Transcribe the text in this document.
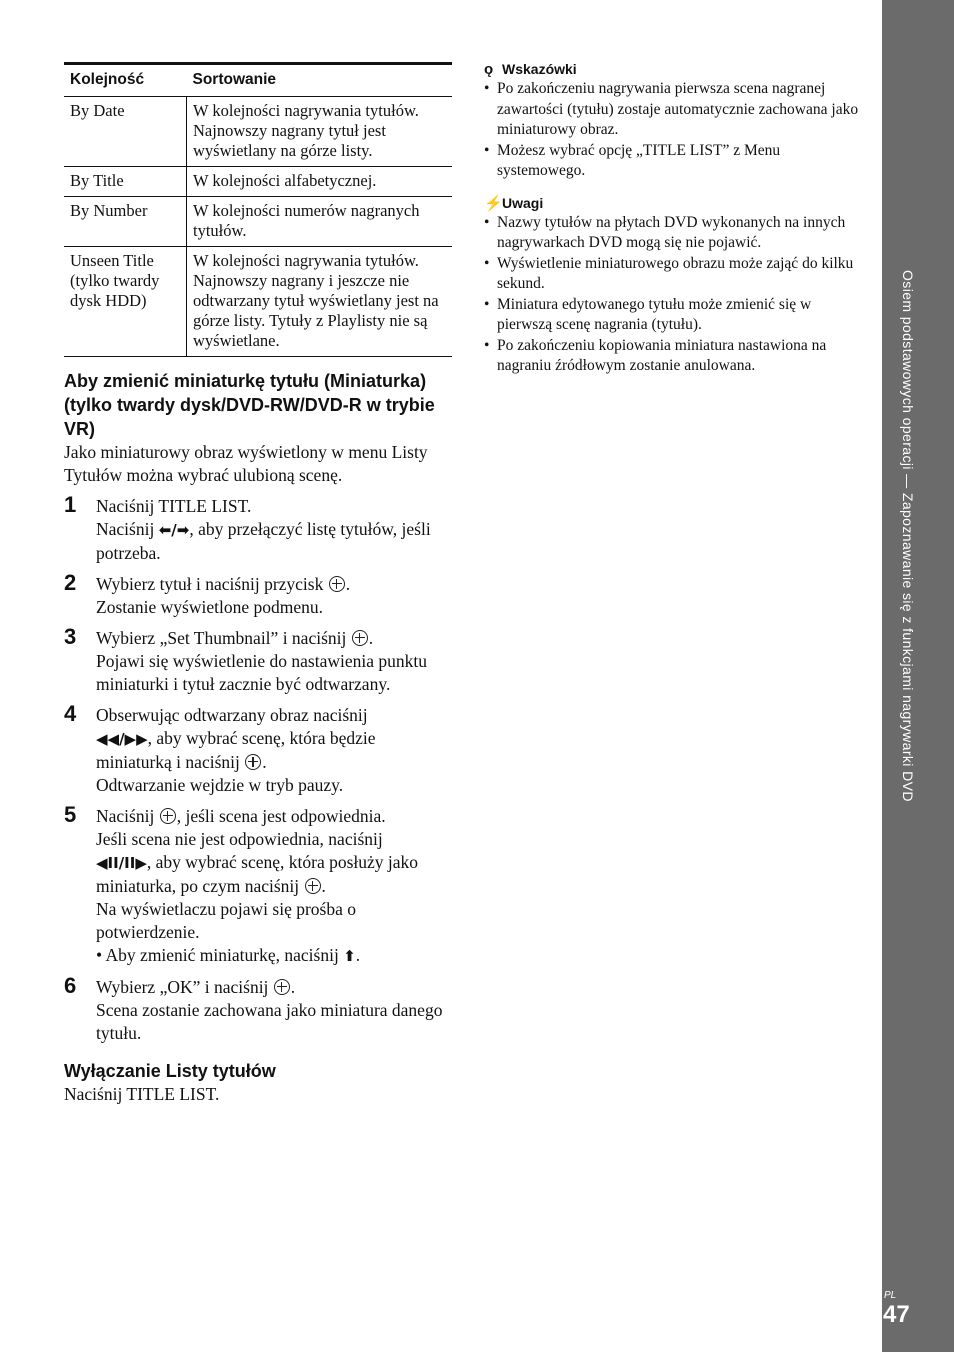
Osiem podstawowych operacji — Zapoznawanie się z funkcjami nagrywarki DVD
PL
47
Kolejność	Sortowanie
By Date	W kolejności nagrywania tytułów. Najnowszy nagrany tytuł jest wyświetlany na górze listy.
By Title	W kolejności alfabetycznej.
By Number	W kolejności numerów nagranych tytułów.
Unseen Title (tylko twardy dysk HDD)	W kolejności nagrywania tytułów. Najnowszy nagrany i jeszcze nie odtwarzany tytuł wyświetlany jest na górze listy. Tytuły z Playlisty nie są wyświetlane.
Aby zmienić miniaturkę tytułu (Miniaturka) (tylko twardy dysk/DVD-RW/DVD-R w trybie VR)

Jako miniaturowy obraz wyświetlony w menu Listy Tytułów można wybrać ulubioną scenę.

1 Naciśnij TITLE LIST.
Naciśnij ⬅/➡, aby przełączyć listę tytułów, jeśli potrzeba.
2 Wybierz tytuł i naciśnij przycisk .
Zostanie wyświetlone podmenu.
3 Wybierz „Set Thumbnail” i naciśnij .
Pojawi się wyświetlenie do nastawienia punktu miniaturki i tytuł zacznie być odtwarzany.
4 Obserwując odtwarzany obraz naciśnij
◀◀/▶▶, aby wybrać scenę, która będzie miniaturką i naciśnij .
Odtwarzanie wejdzie w tryb pauzy.
5 Naciśnij , jeśli scena jest odpowiednia.
Jeśli scena nie jest odpowiednia, naciśnij
◀II/II▶, aby wybrać scenę, która posłuży jako miniaturka, po czym naciśnij .
Na wyświetlaczu pojawi się prośba o potwierdzenie.
• Aby zmienić miniaturkę, naciśnij ⬆.
6 Wybierz „OK” i naciśnij .
Scena zostanie zachowana jako miniatura danego tytułu.
Wyłączanie Listy tytułów

Naciśnij TITLE LIST.

ǫ Wskazówki
• Po zakończeniu nagrywania pierwsza scena nagranej zawartości (tytułu) zostaje automatycznie zachowana jako miniaturowy obraz.
• Możesz wybrać opcję „TITLE LIST” z Menu systemowego.
⚡Uwagi
• Nazwy tytułów na płytach DVD wykonanych na innych nagrywarkach DVD mogą się nie pojawić.
• Wyświetlenie miniaturowego obrazu może zająć do kilku sekund.
• Miniatura edytowanego tytułu może zmienić się w pierwszą scenę nagrania (tytułu).
• Po zakończeniu kopiowania miniatura nastawiona na nagraniu źródłowym zostanie anulowana.
